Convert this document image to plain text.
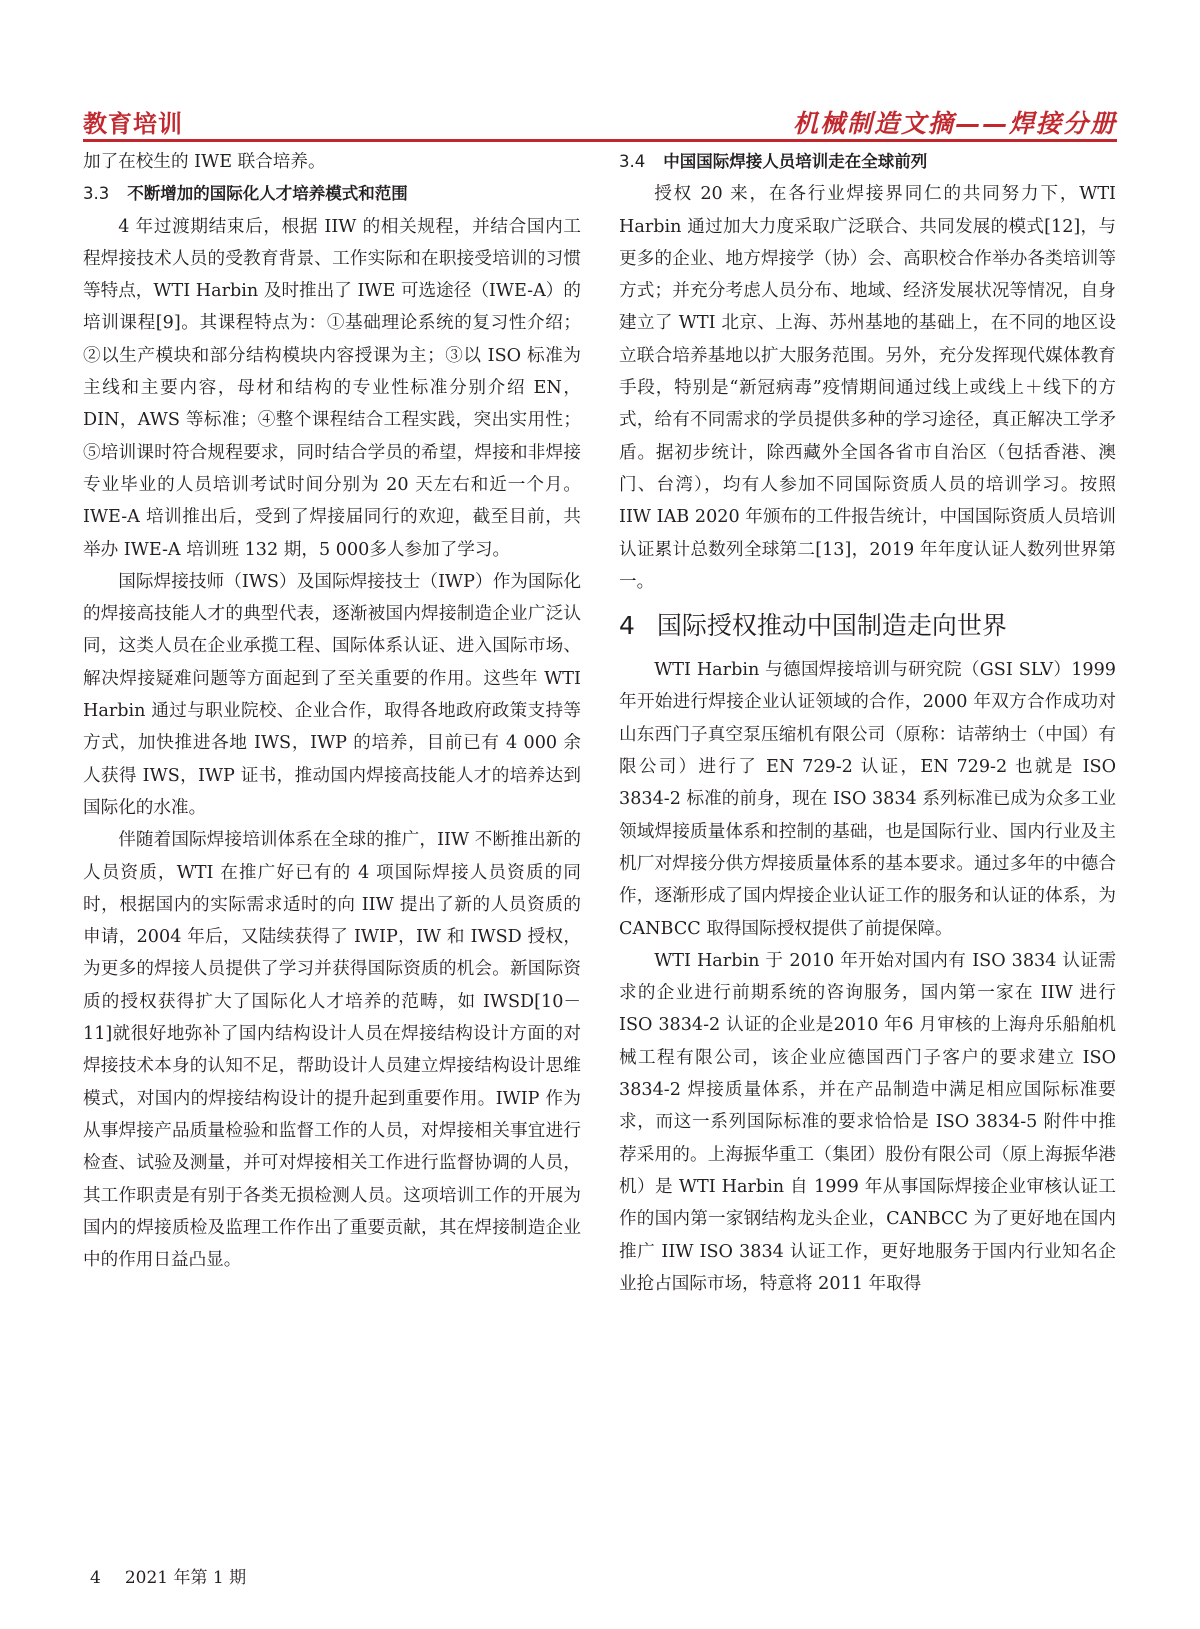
教育培训	机械制造文摘——焊接分册

加了在校生的 IWE 联合培养。

3.3 不断增加的国际化人才培养模式和范围

4 年过渡期结束后，根据 IIW 的相关规程，并结合国内工程焊接技术人员的受教育背景、工作实际和在职接受培训的习惯等特点，WTI Harbin 及时推出了 IWE 可选途径（IWE-A）的培训课程[9]。其课程特点为：①基础理论系统的复习性介绍；②以生产模块和部分结构模块内容授课为主；③以 ISO 标准为主线和主要内容，母材和结构的专业性标准分别介绍 EN，DIN，AWS 等标准；④整个课程结合工程实践，突出实用性；⑤培训课时符合规程要求，同时结合学员的希望，焊接和非焊接专业毕业的人员培训考试时间分别为 20 天左右和近一个月。IWE-A 培训推出后，受到了焊接届同行的欢迎，截至目前，共举办 IWE-A 培训班 132 期，5 000多人参加了学习。

国际焊接技师（IWS）及国际焊接技士（IWP）作为国际化的焊接高技能人才的典型代表，逐渐被国内焊接制造企业广泛认同，这类人员在企业承揽工程、国际体系认证、进入国际市场、解决焊接疑难问题等方面起到了至关重要的作用。这些年 WTI Harbin 通过与职业院校、企业合作，取得各地政府政策支持等方式，加快推进各地 IWS，IWP 的培养，目前已有 4 000 余人获得 IWS，IWP 证书，推动国内焊接高技能人才的培养达到国际化的水准。

伴随着国际焊接培训体系在全球的推广，IIW 不断推出新的人员资质，WTI 在推广好已有的 4 项国际焊接人员资质的同时，根据国内的实际需求适时的向 IIW 提出了新的人员资质的申请，2004 年后，又陆续获得了 IWIP，IW 和 IWSD 授权，为更多的焊接人员提供了学习并获得国际资质的机会。新国际资质的授权获得扩大了国际化人才培养的范畴，如 IWSD[10－11]就很好地弥补了国内结构设计人员在焊接结构设计方面的对焊接技术本身的认知不足，帮助设计人员建立焊接结构设计思维模式，对国内的焊接结构设计的提升起到重要作用。IWIP 作为从事焊接产品质量检验和监督工作的人员，对焊接相关事宜进行检查、试验及测量，并可对焊接相关工作进行监督协调的人员，其工作职责是有别于各类无损检测人员。这项培训工作的开展为国内的焊接质检及监理工作作出了重要贡献，其在焊接制造企业中的作用日益凸显。

3.4 中国国际焊接人员培训走在全球前列

授权 20 来，在各行业焊接界同仁的共同努力下，WTI Harbin 通过加大力度采取广泛联合、共同发展的模式[12]，与更多的企业、地方焊接学（协）会、高职校合作举办各类培训等方式；并充分考虑人员分布、地域、经济发展状况等情况，自身建立了 WTI 北京、上海、苏州基地的基础上，在不同的地区设立联合培养基地以扩大服务范围。另外，充分发挥现代媒体教育手段，特别是“新冠病毒”疫情期间通过线上或线上＋线下的方式，给有不同需求的学员提供多种的学习途径，真正解决工学矛盾。据初步统计，除西藏外全国各省市自治区（包括香港、澳门、台湾），均有人参加不同国际资质人员的培训学习。按照 IIW IAB 2020 年颁布的工件报告统计，中国国际资质人员培训认证累计总数列全球第二[13]，2019 年年度认证人数列世界第一。

4 国际授权推动中国制造走向世界

WTI Harbin 与德国焊接培训与研究院（GSI SLV）1999 年开始进行焊接企业认证领域的合作，2000 年双方合作成功对山东西门子真空泵压缩机有限公司（原称：诘蒂纳士（中国）有限公司）进行了 EN 729-2 认证，EN 729-2 也就是 ISO 3834-2 标准的前身，现在 ISO 3834 系列标准已成为众多工业领域焊接质量体系和控制的基础，也是国际行业、国内行业及主机厂对焊接分供方焊接质量体系的基本要求。通过多年的中德合作，逐渐形成了国内焊接企业认证工作的服务和认证的体系，为 CANBCC 取得国际授权提供了前提保障。

WTI Harbin 于 2010 年开始对国内有 ISO 3834 认证需求的企业进行前期系统的咨询服务，国内第一家在 IIW 进行 ISO 3834-2 认证的企业是2010 年6 月审核的上海舟乐船舶机械工程有限公司，该企业应德国西门子客户的要求建立 ISO 3834-2 焊接质量体系，并在产品制造中满足相应国际标准要求，而这一系列国际标准的要求恰恰是 ISO 3834-5 附件中推荐采用的。上海振华重工（集团）股份有限公司（原上海振华港机）是 WTI Harbin 自 1999 年从事国际焊接企业审核认证工作的国内第一家钢结构龙头企业，CANBCC 为了更好地在国内推广 IIW ISO 3834 认证工作，更好地服务于国内行业知名企业抢占国际市场，特意将 2011 年取得

4 2021 年第 1 期
